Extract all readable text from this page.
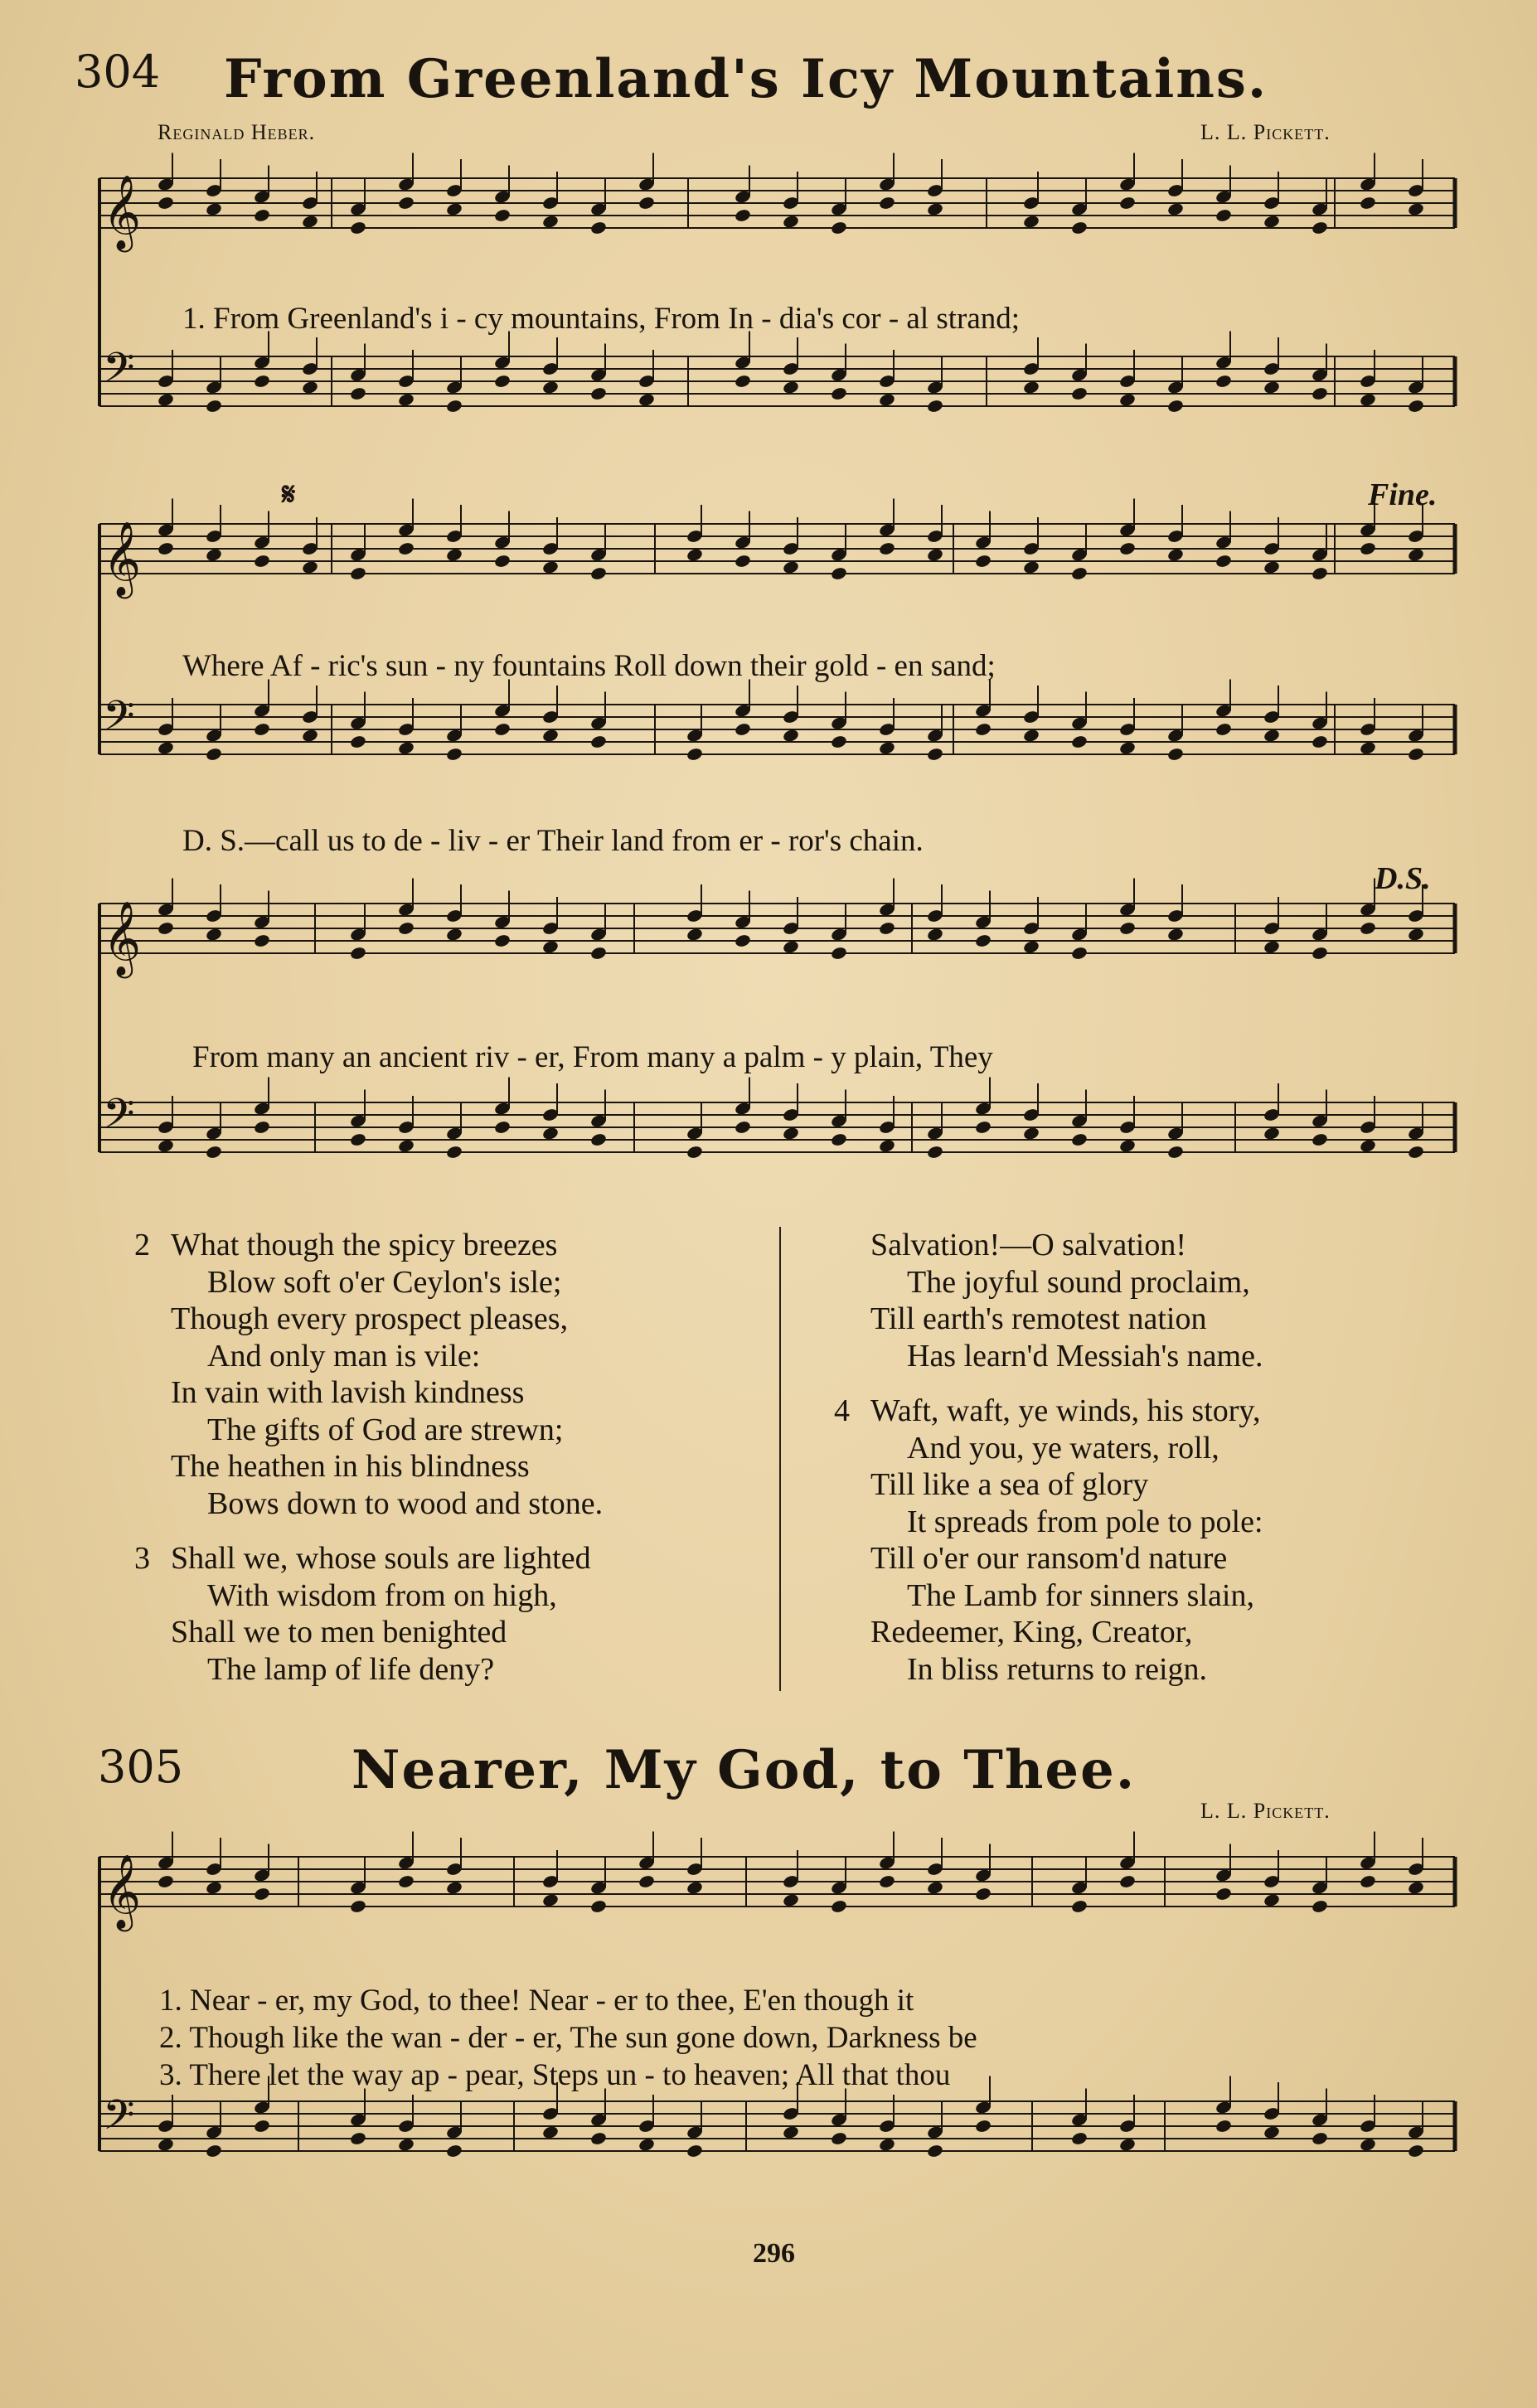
𝄞
𝄢
𝄞
𝄢
𝄞
𝄢
𝄞
𝄢
304 From Greenland's Icy Mountains.
Reginald Heber.	L. L. Pickett.
𝄋	Fine.
D.S.
1. From Greenland's i - cy mountains, From In - dia's cor - al strand;
Where Af - ric's sun - ny fountains Roll down their gold - en sand;
D. S.—call us to de - liv - er Their land from er - ror's chain.
From many an ancient riv - er, From many a palm - y plain, They
2 What though the spicy breezes
Blow soft o'er Ceylon's isle;
Though every prospect pleases,
And only man is vile:
In vain with lavish kindness
The gifts of God are strewn;
The heathen in his blindness
Bows down to wood and stone.
3 Shall we, whose souls are lighted
With wisdom from on high,
Shall we to men benighted
The lamp of life deny?
Salvation!—O salvation!
The joyful sound proclaim,
Till earth's remotest nation
Has learn'd Messiah's name.
4 Waft, waft, ye winds, his story,
And you, ye waters, roll,
Till like a sea of glory
It spreads from pole to pole:
Till o'er our ransom'd nature
The Lamb for sinners slain,
Redeemer, King, Creator,
In bliss returns to reign.
305	Nearer, My God, to Thee.
L. L. Pickett.
1. Near - er, my God, to thee! Near - er to thee, E'en though it
2. Though like the wan - der - er, The sun gone down, Darkness be
3. There let the way ap - pear, Steps un - to heaven; All that thou
296
